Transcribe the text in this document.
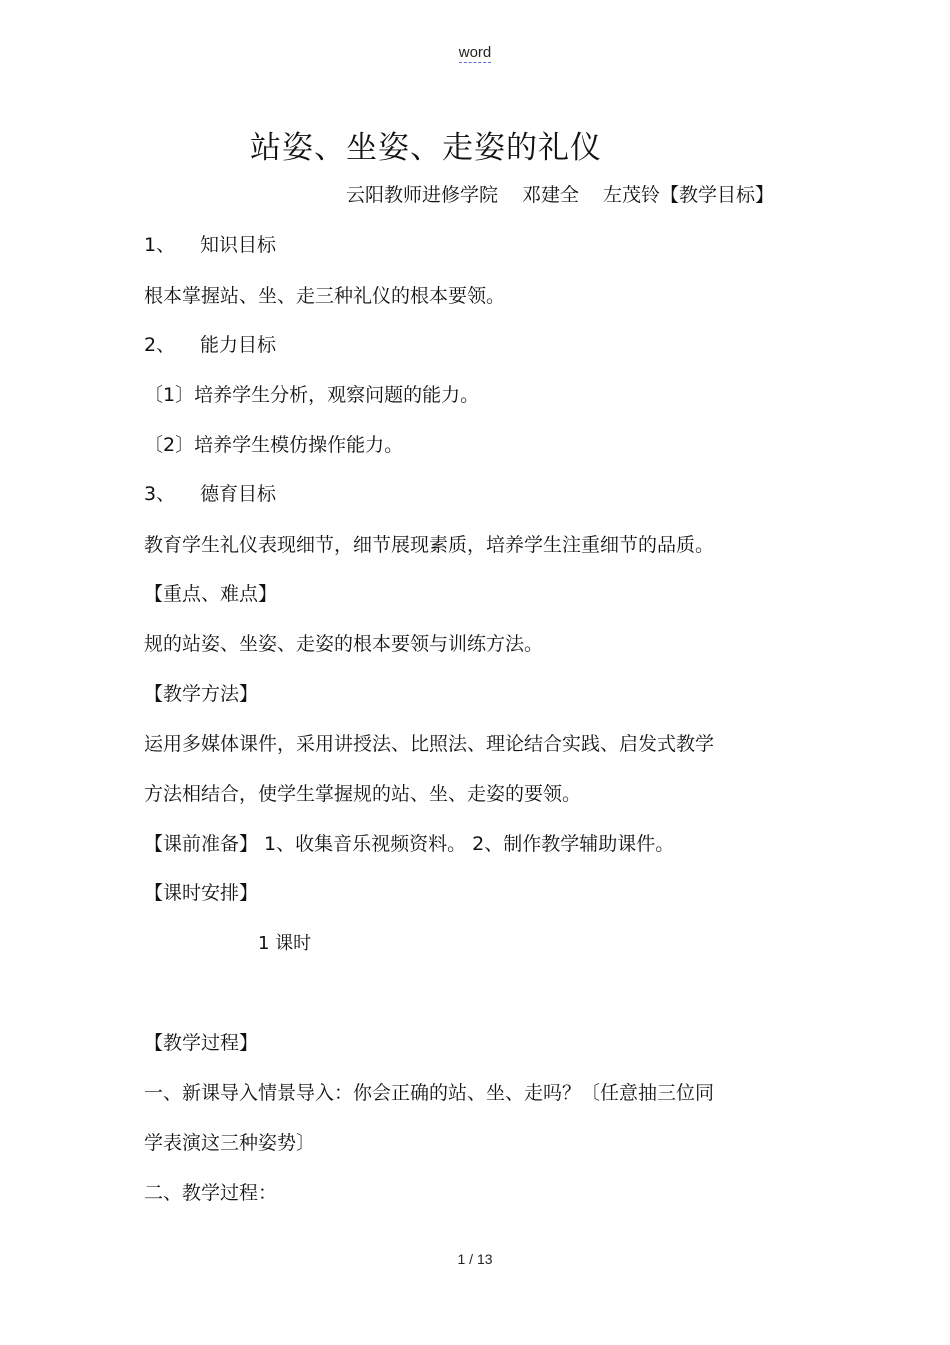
word
站姿、坐姿、走姿的礼仪
云阳教师进修学院 邓建全 左茂铃【教学目标】
1、 知识目标
根本掌握站、坐、走三种礼仪的根本要领。
2、 能力目标
〔1〕培养学生分析，观察问题的能力。
〔2〕培养学生模仿操作能力。
3、 德育目标
教育学生礼仪表现细节，细节展现素质，培养学生注重细节的品质。
【重点、难点】
规的站姿、坐姿、走姿的根本要领与训练方法。
【教学方法】
运用多媒体课件，采用讲授法、比照法、理论结合实践、启发式教学
方法相结合，使学生掌握规的站、坐、走姿的要领。
【课前准备】 1、收集音乐视频资料。 2、制作教学辅助课件。
【课时安排】
1 课时
【教学过程】
一、新课导入情景导入：你会正确的站、坐、走吗？〔任意抽三位同
学表演这三种姿势〕
二、教学过程：
1 / 13
